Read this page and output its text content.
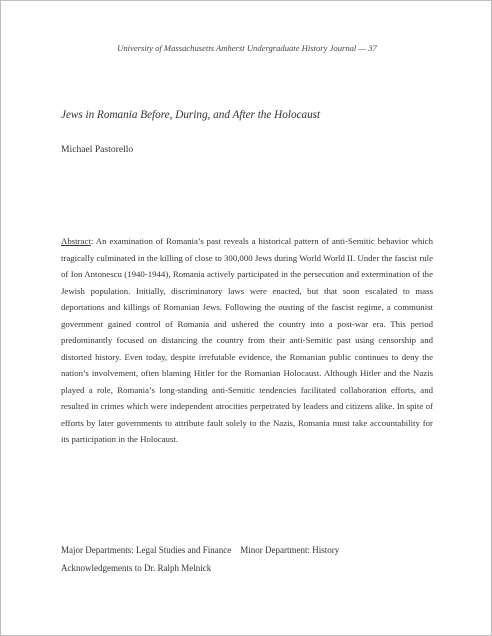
University of Massachusetts Amherst Undergraduate History Journal — 37
Jews in Romania Before, During, and After the Holocaust
Michael Pastorello
Abstract: An examination of Romania’s past reveals a historical pattern of anti-Semitic behavior which tragically culminated in the killing of close to 300,000 Jews during World World II. Under the fascist rule of Ion Antonescu (1940-1944), Romania actively participated in the persecution and extermination of the Jewish population. Initially, discriminatory laws were enacted, but that soon escalated to mass deportations and killings of Romanian Jews. Following the ousting of the fascist regime, a communist government gained control of Romania and ushered the country into a post-war era. This period predominantly focused on distancing the country from their anti-Semitic past using censorship and distorted history. Even today, despite irrefutable evidence, the Romanian public continues to deny the nation’s involvement, often blaming Hitler for the Romanian Holocaust. Although Hitler and the Nazis played a role, Romania’s long-standing anti-Semitic tendencies facilitated collaboration efforts, and resulted in crimes which were independent atrocities perpetrated by leaders and citizens alike. In spite of efforts by later governments to attribute fault solely to the Nazis, Romania must take accountability for its participation in the Holocaust.
Major Departments: Legal Studies and Finance Minor Department: History
Acknowledgements to Dr. Ralph Melnick
